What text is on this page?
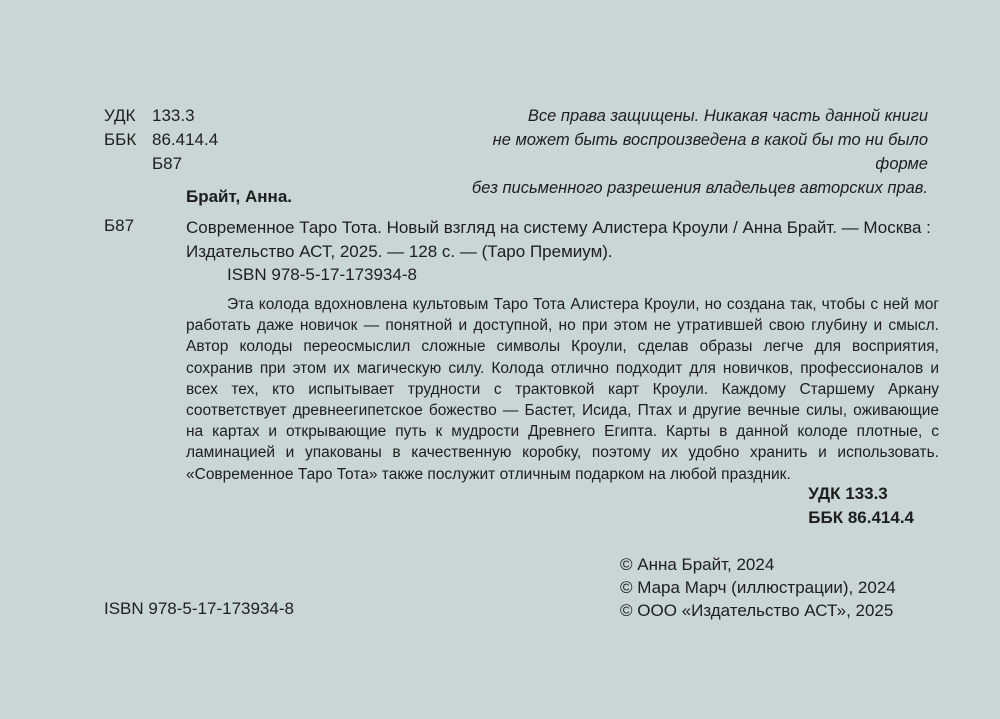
УДК 133.3
ББК 86.414.4
Б87
Все права защищены. Никакая часть данной книги
не может быть воспроизведена в какой бы то ни было форме
без письменного разрешения владельцев авторских прав.
Брайт, Анна.
Б87	Современное Таро Тота. Новый взгляд на систему Алистера Кроули / Анна Брайт. — Москва : Издательство АСТ, 2025. — 128 с. — (Таро Премиум).
ISBN 978-5-17-173934-8
Эта колода вдохновлена культовым Таро Тота Алистера Кроули, но создана так, чтобы с ней мог работать даже новичок — понятной и доступной, но при этом не утратившей свою глубину и смысл. Автор колоды переосмыслил сложные символы Кроули, сделав образы легче для восприятия, сохранив при этом их магическую силу. Колода отлично подходит для новичков, профессионалов и всех тех, кто испытывает трудности с трактовкой карт Кроули. Каждому Старшему Аркану соответствует древнеегипетское божество — Бастет, Исида, Птах и другие вечные силы, оживающие на картах и открывающие путь к мудрости Древнего Египта. Карты в данной колоде плотные, с ламинацией и упакованы в качественную коробку, поэтому их удобно хранить и использовать. «Современное Таро Тота» также послужит отличным подарком на любой праздник.
УДК 133.3
ББК 86.414.4
© Анна Брайт, 2024
© Мара Марч (иллюстрации), 2024
© ООО «Издательство АСТ», 2025
ISBN 978-5-17-173934-8
